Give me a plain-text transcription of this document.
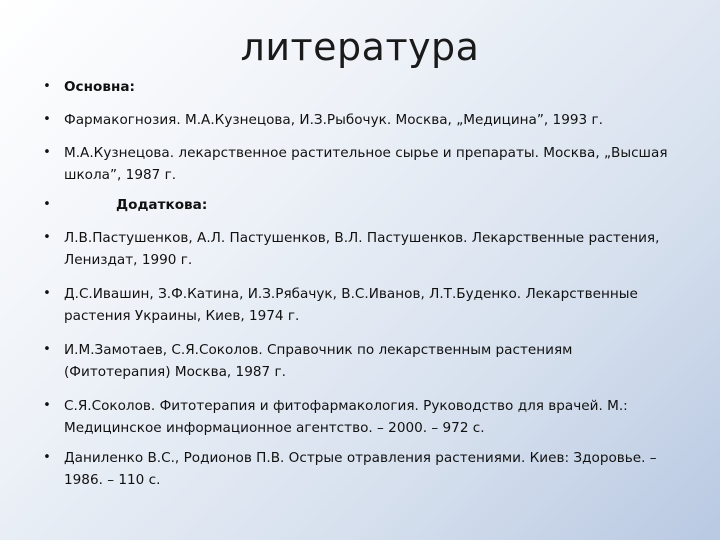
литература
• Основна:
• Фармакогнозия. М.А.Кузнецова, И.З.Рыбочук. Москва, „Медицина”, 1993 г.
• М.А.Кузнецова. лекарственное растительное сырье и препараты. Москва, „Высшая школа”, 1987 г.
•	Додаткова:
• Л.В.Пастушенков, А.Л. Пастушенков, В.Л. Пастушенков. Лекарственные растения, Лениздат, 1990 г.
• Д.С.Ивашин, З.Ф.Катина, И.З.Рябачук, В.С.Иванов, Л.Т.Буденко. Лекарственные растения Украины, Киев, 1974 г.
• И.М.Замотаев, С.Я.Соколов. Справочник по лекарственным растениям (Фитотерапия) Москва, 1987 г.
• С.Я.Соколов. Фитотерапия и фитофармакология. Руководство для врачей. М.: Медицинское информационное агентство. – 2000. – 972 с.
• Даниленко В.С., Родионов П.В. Острые отравления растениями. Киев: Здоровье. – 1986. – 110 с.
